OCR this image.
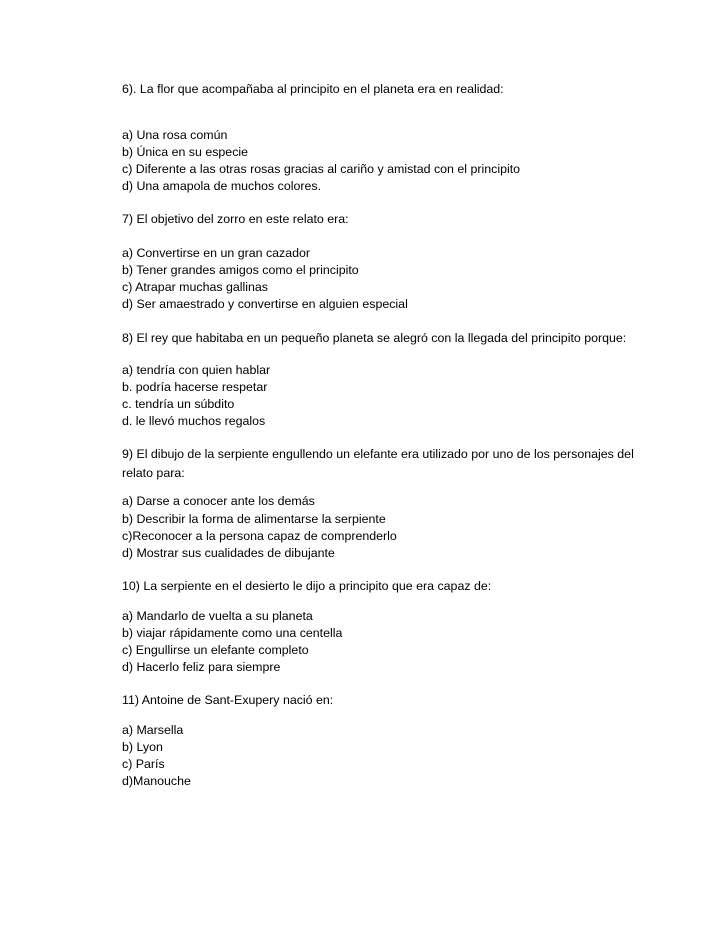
6). La flor que acompañaba al principito en el planeta era en realidad:
a) Una rosa común
b) Única en su especie
c) Diferente a las otras rosas gracias al cariño y amistad con el principito
d) Una amapola de muchos colores.
7) El objetivo del zorro en este relato era:
a) Convertirse en un gran cazador
b) Tener grandes amigos como el principito
c) Atrapar muchas gallinas
d) Ser amaestrado y convertirse en alguien especial
8) El rey que habitaba en un pequeño planeta se alegró con la llegada del principito porque:
a) tendría con quien hablar
b. podría hacerse respetar
c. tendría un súbdito
d. le llevó muchos regalos
9) El dibujo de la serpiente engullendo un elefante era utilizado por uno de los personajes del
relato para:
a) Darse a conocer ante los demás
b) Describir la forma de alimentarse la serpiente
c)Reconocer a la persona capaz de comprenderlo
d) Mostrar sus cualidades de dibujante
10) La serpiente en el desierto le dijo a principito que era capaz de:
a) Mandarlo de vuelta a su planeta
b) viajar rápidamente como una centella
c) Engullirse un elefante completo
d) Hacerlo feliz para siempre
11) Antoine de Sant-Exupery nació en:
a) Marsella
b) Lyon
c) París
d)Manouche
